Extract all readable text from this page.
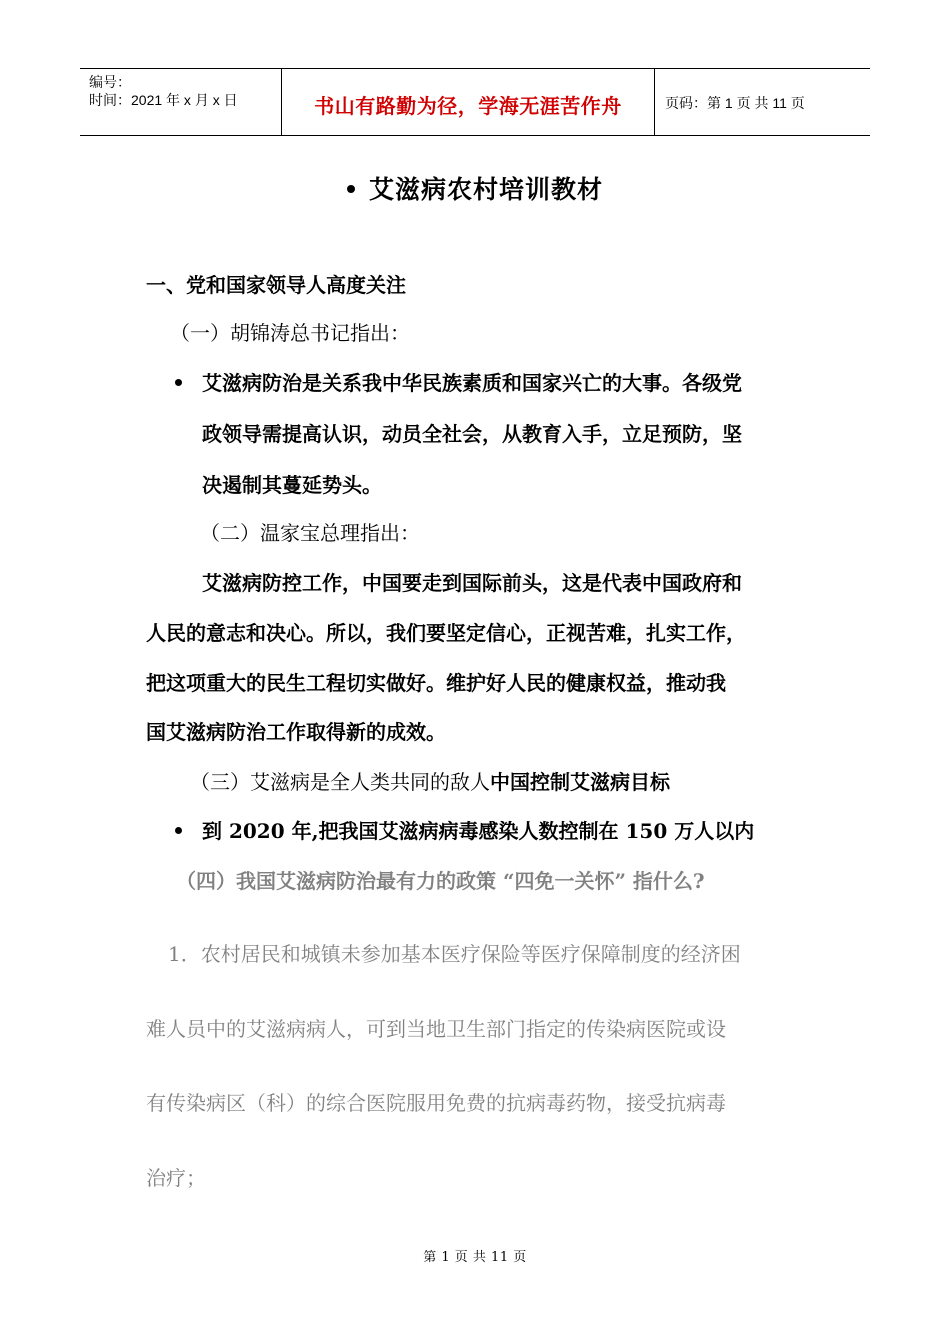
编号：
时间：2021 年 x 月 x 日	书山有路勤为径，学海无涯苦作舟	页码：第 1 页 共 11 页
艾滋病农村培训教材
一、党和国家领导人高度关注
（一）胡锦涛总书记指出：
艾滋病防治是关系我中华民族素质和国家兴亡的大事。各级党
政领导需提高认识，动员全社会，从教育入手，立足预防，坚
决遏制其蔓延势头。
（二）温家宝总理指出：
艾滋病防控工作，中国要走到国际前头，这是代表中国政府和
人民的意志和决心。所以，我们要坚定信心，正视苦难，扎实工作，
把这项重大的民生工程切实做好。维护好人民的健康权益，推动我
国艾滋病防治工作取得新的成效。
（三）艾滋病是全人类共同的敌人中国控制艾滋病目标
到 2020 年,把我国艾滋病病毒感染人数控制在 150 万人以内
（四）我国艾滋病防治最有力的政策 “四免一关怀” 指什么?
1．农村居民和城镇未参加基本医疗保险等医疗保障制度的经济困
难人员中的艾滋病病人，可到当地卫生部门指定的传染病医院或设
有传染病区（科）的综合医院服用免费的抗病毒药物，接受抗病毒
治疗；
第 1 页 共 11 页
